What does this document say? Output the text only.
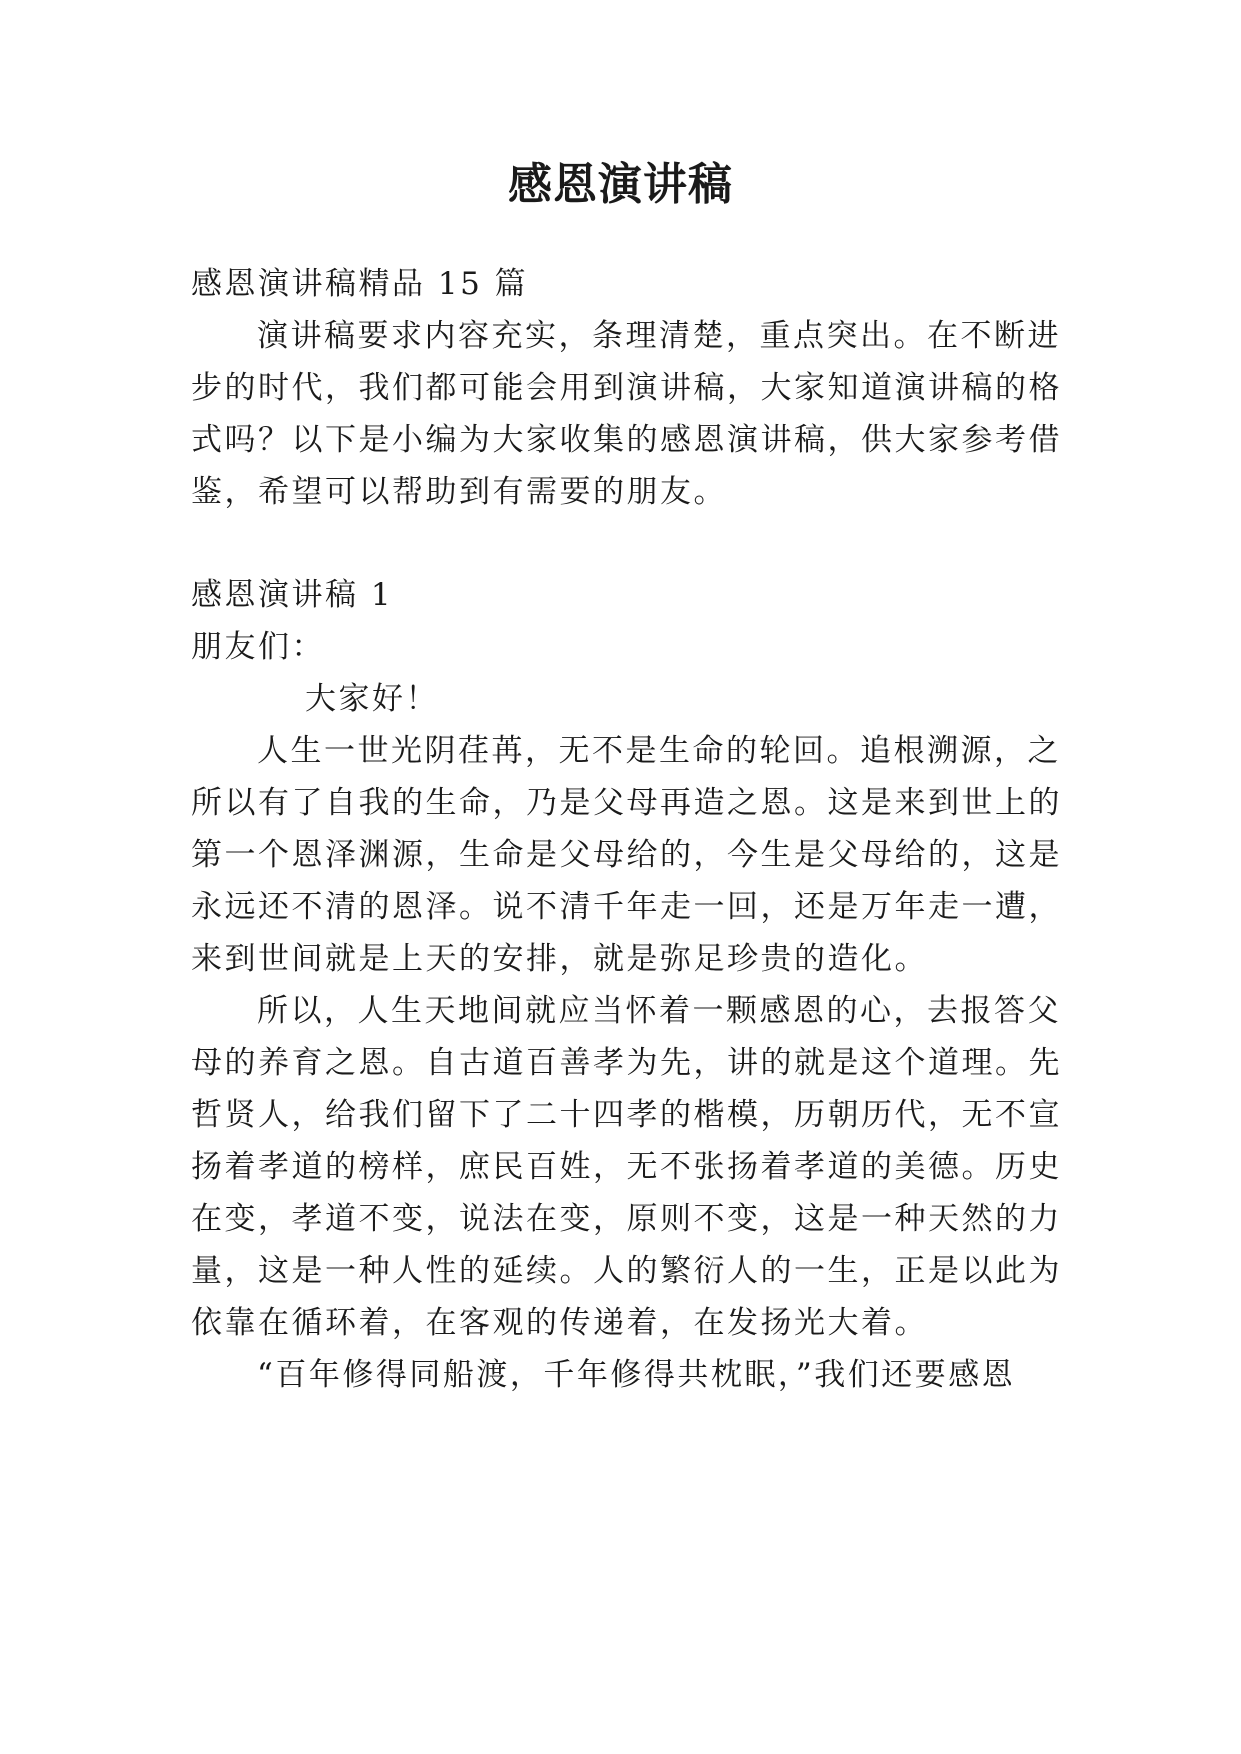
感恩演讲稿
感恩演讲稿精品 15 篇
演讲稿要求内容充实，条理清楚，重点突出。在不断进
步的时代，我们都可能会用到演讲稿，大家知道演讲稿的格
式吗？以下是小编为大家收集的感恩演讲稿，供大家参考借
鉴，希望可以帮助到有需要的朋友。
感恩演讲稿 1
朋友们：
大家好！
人生一世光阴荏苒，无不是生命的轮回。追根溯源，之
所以有了自我的生命，乃是父母再造之恩。这是来到世上的
第一个恩泽渊源，生命是父母给的，今生是父母给的，这是
永远还不清的恩泽。说不清千年走一回，还是万年走一遭，
来到世间就是上天的安排，就是弥足珍贵的造化。
所以，人生天地间就应当怀着一颗感恩的心，去报答父
母的养育之恩。自古道百善孝为先，讲的就是这个道理。先
哲贤人，给我们留下了二十四孝的楷模，历朝历代，无不宣
扬着孝道的榜样，庶民百姓，无不张扬着孝道的美德。历史
在变，孝道不变，说法在变，原则不变，这是一种天然的力
量，这是一种人性的延续。人的繁衍人的一生，正是以此为
依靠在循环着，在客观的传递着，在发扬光大着。
“百年修得同船渡，千年修得共枕眠，”我们还要感恩
